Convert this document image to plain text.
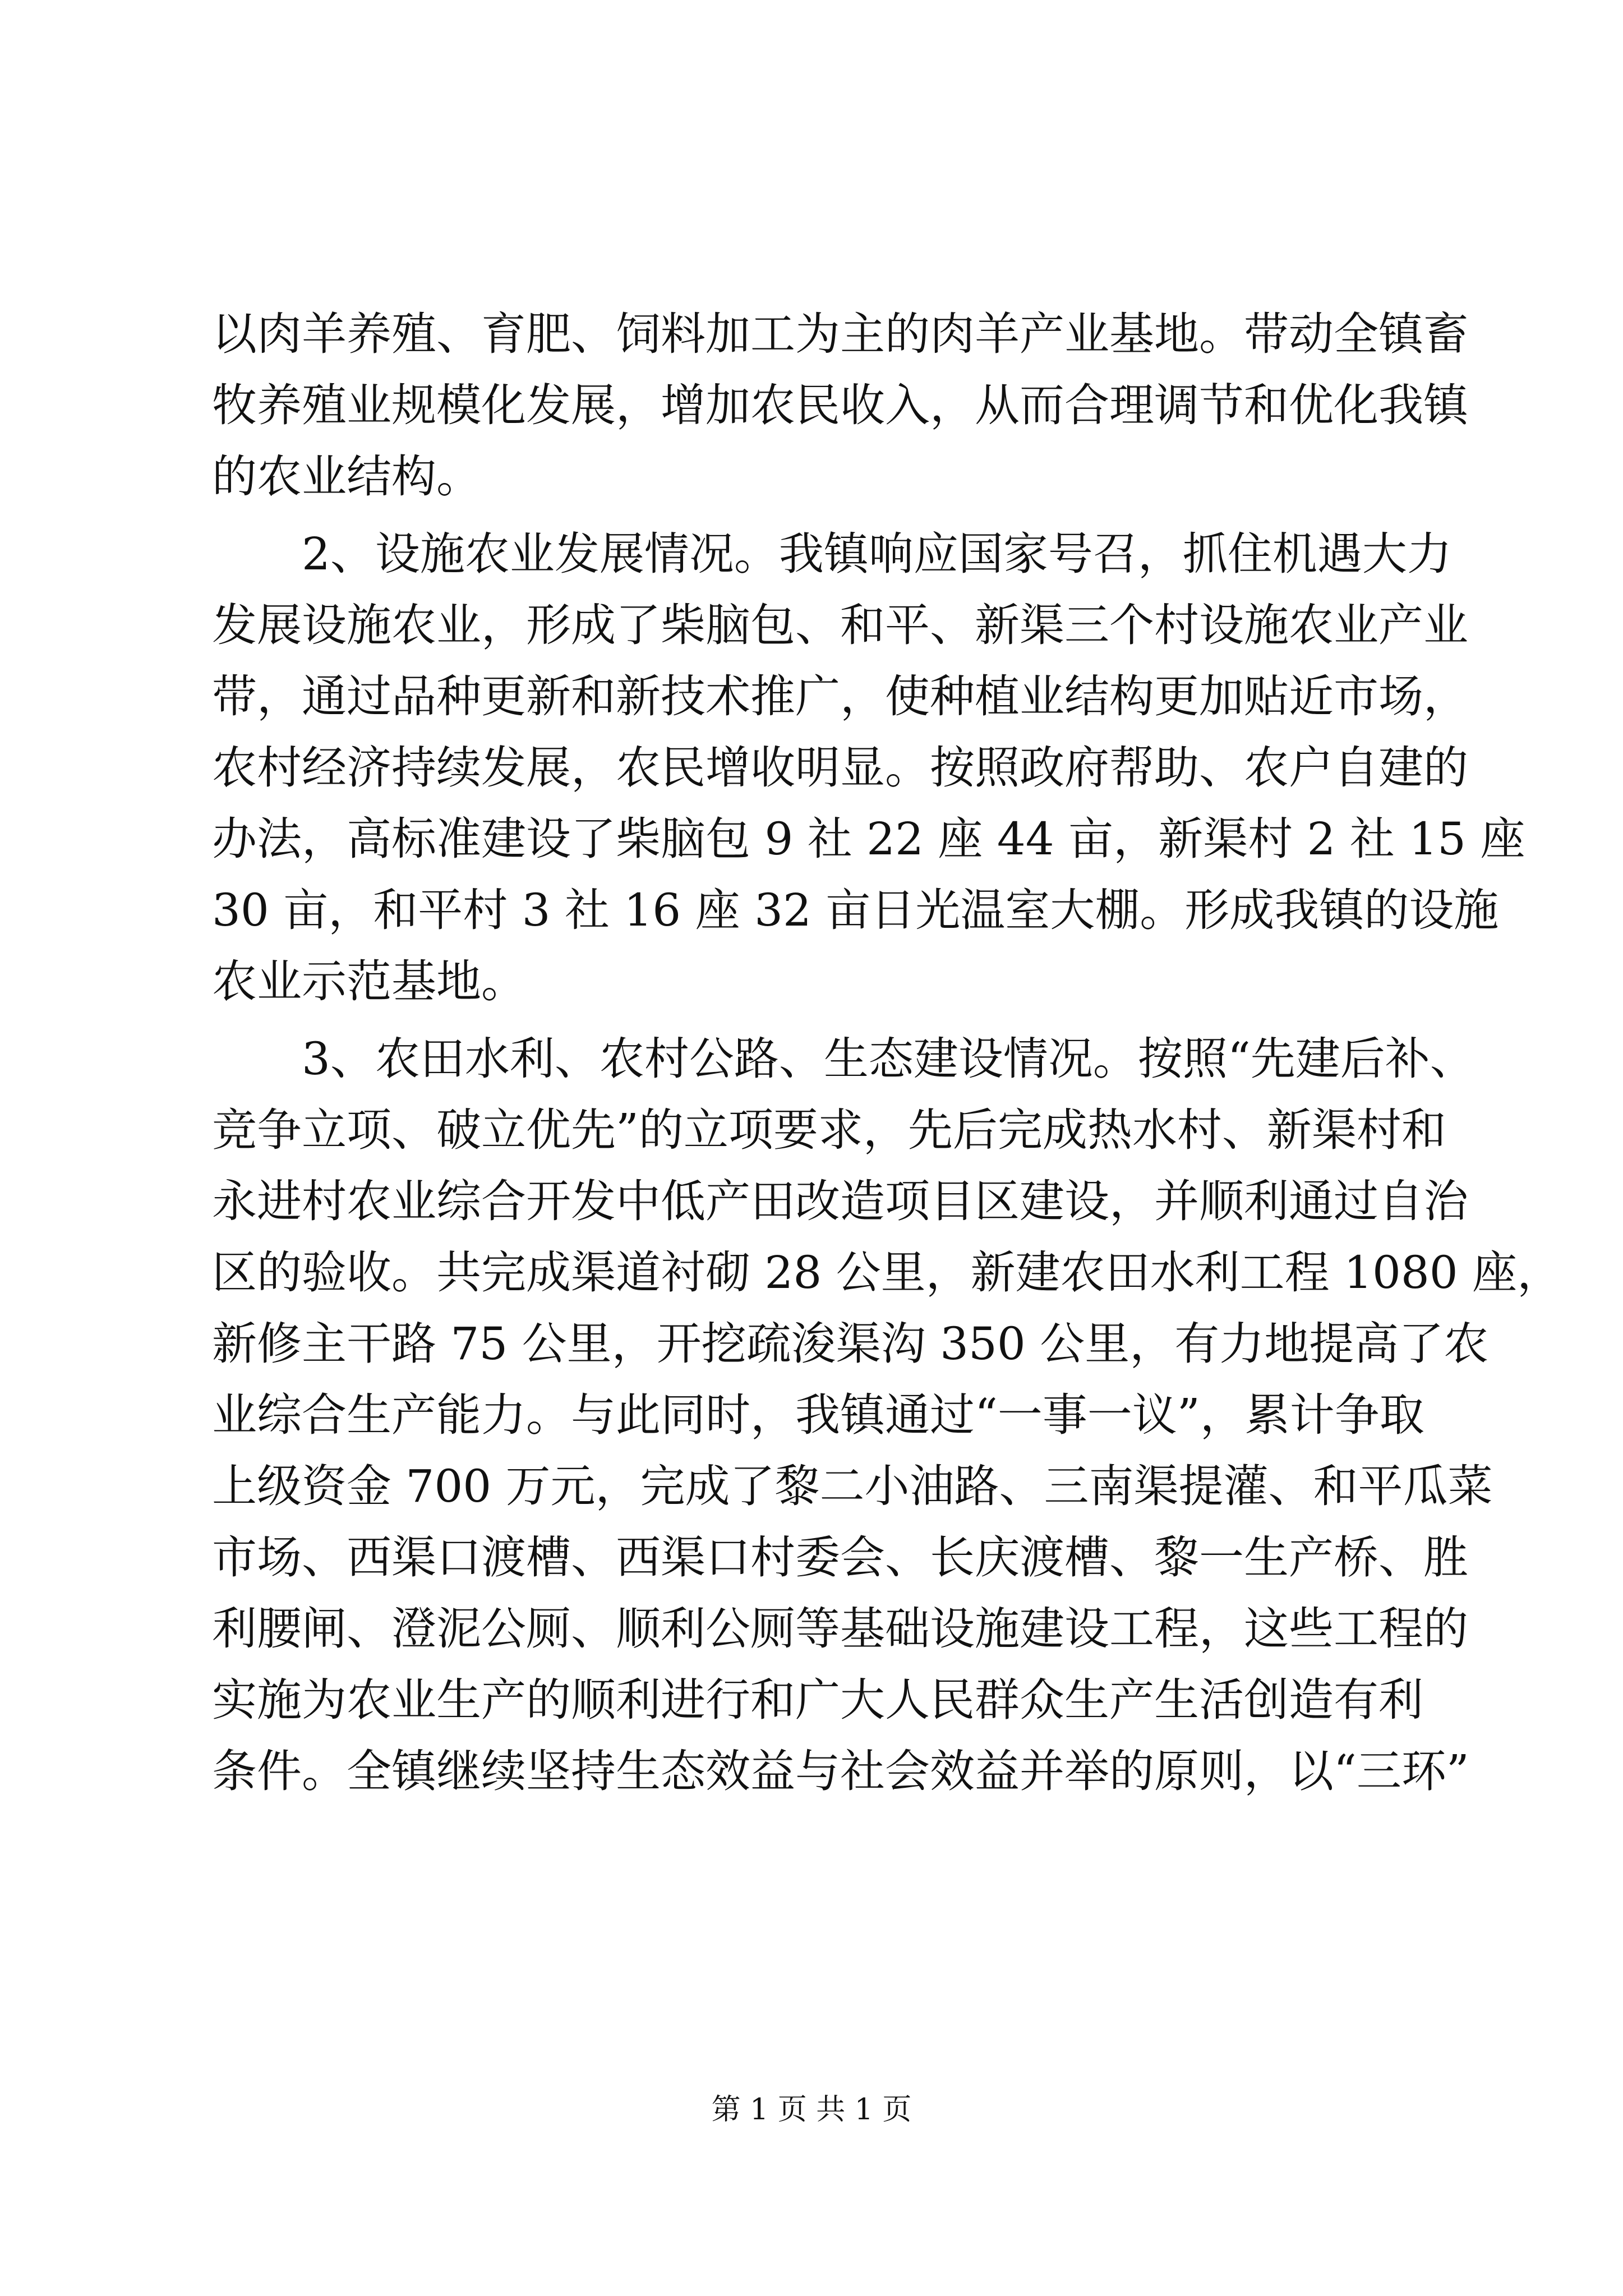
以肉羊养殖、育肥、饲料加工为主的肉羊产业基地。带动全镇畜
牧养殖业规模化发展，增加农民收入，从而合理调节和优化我镇
的农业结构。
2、设施农业发展情况。我镇响应国家号召，抓住机遇大力
发展设施农业，形成了柴脑包、和平、新渠三个村设施农业产业
带，通过品种更新和新技术推广，使种植业结构更加贴近市场，
农村经济持续发展，农民增收明显。按照政府帮助、农户自建的
办法，高标准建设了柴脑包 9 社 22 座 44 亩，新渠村 2 社 15 座
30 亩，和平村 3 社 16 座 32 亩日光温室大棚。形成我镇的设施
农业示范基地。
3、农田水利、农村公路、生态建设情况。按照“先建后补、
竞争立项、破立优先”的立项要求，先后完成热水村、新渠村和
永进村农业综合开发中低产田改造项目区建设，并顺利通过自治
区的验收。共完成渠道衬砌 28 公里，新建农田水利工程 1080 座，
新修主干路 75 公里，开挖疏浚渠沟 350 公里，有力地提高了农
业综合生产能力。与此同时，我镇通过“一事一议”，累计争取
上级资金 700 万元，完成了黎二小油路、三南渠提灌、和平瓜菜
市场、西渠口渡槽、西渠口村委会、长庆渡槽、黎一生产桥、胜
利腰闸、澄泥公厕、顺利公厕等基础设施建设工程，这些工程的
实施为农业生产的顺利进行和广大人民群众生产生活创造有利
条件。全镇继续坚持生态效益与社会效益并举的原则，以“三环”
第 1 页 共 1 页
